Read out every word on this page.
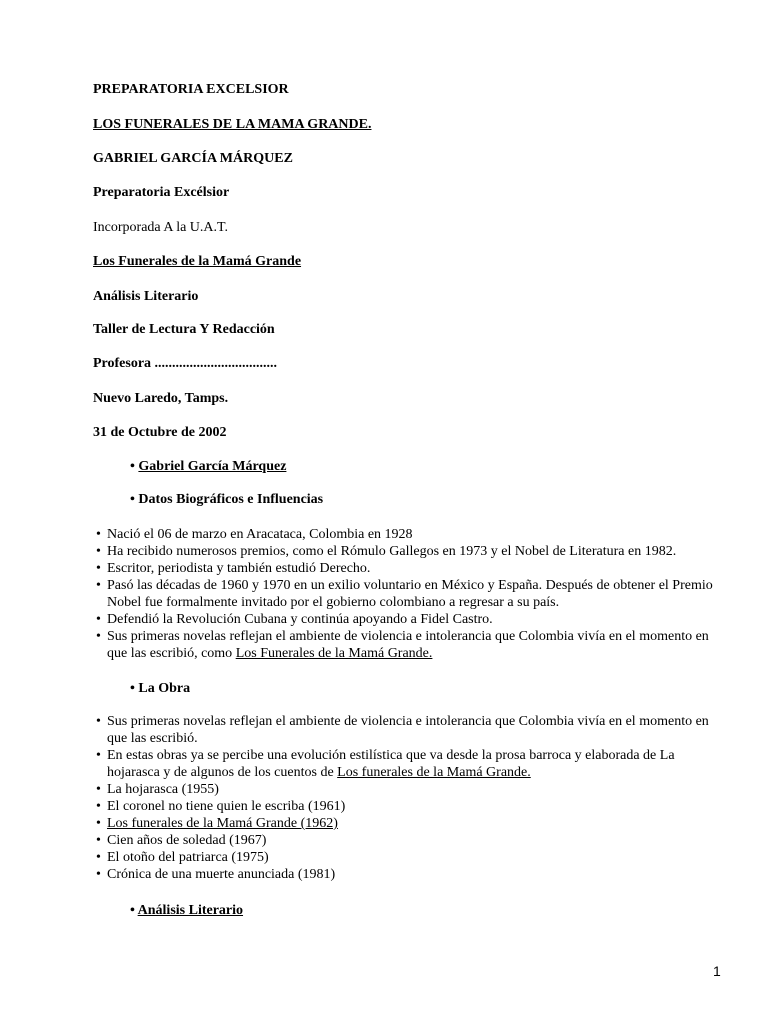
PREPARATORIA EXCELSIOR
LOS FUNERALES DE LA MAMA GRANDE.
GABRIEL GARCÍA MÁRQUEZ
Preparatoria Excélsior
Incorporada A la U.A.T.
Los Funerales de la Mamá Grande
Análisis Literario
Taller de Lectura Y Redacción
Profesora ...................................
Nuevo Laredo, Tamps.
31 de Octubre de 2002
• Gabriel García Márquez
• Datos Biográficos e Influencias
• Nació el 06 de marzo en Aracataca, Colombia en 1928
• Ha recibido numerosos premios, como el Rómulo Gallegos en 1973 y el Nobel de Literatura en 1982.
• Escritor, periodista y también estudió Derecho.
• Pasó las décadas de 1960 y 1970 en un exilio voluntario en México y España. Después de obtener el Premio
Nobel fue formalmente invitado por el gobierno colombiano a regresar a su país.
• Defendió la Revolución Cubana y continúa apoyando a Fidel Castro.
• Sus primeras novelas reflejan el ambiente de violencia e intolerancia que Colombia vivía en el momento en
que las escribió, como Los Funerales de la Mamá Grande.
• La Obra
• Sus primeras novelas reflejan el ambiente de violencia e intolerancia que Colombia vivía en el momento en
que las escribió.
• En estas obras ya se percibe una evolución estilística que va desde la prosa barroca y elaborada de La
hojarasca y de algunos de los cuentos de Los funerales de la Mamá Grande.
• La hojarasca (1955)
• El coronel no tiene quien le escriba (1961)
• Los funerales de la Mamá Grande (1962)
• Cien años de soledad (1967)
• El otoño del patriarca (1975)
• Crónica de una muerte anunciada (1981)
• Análisis Literario
1
